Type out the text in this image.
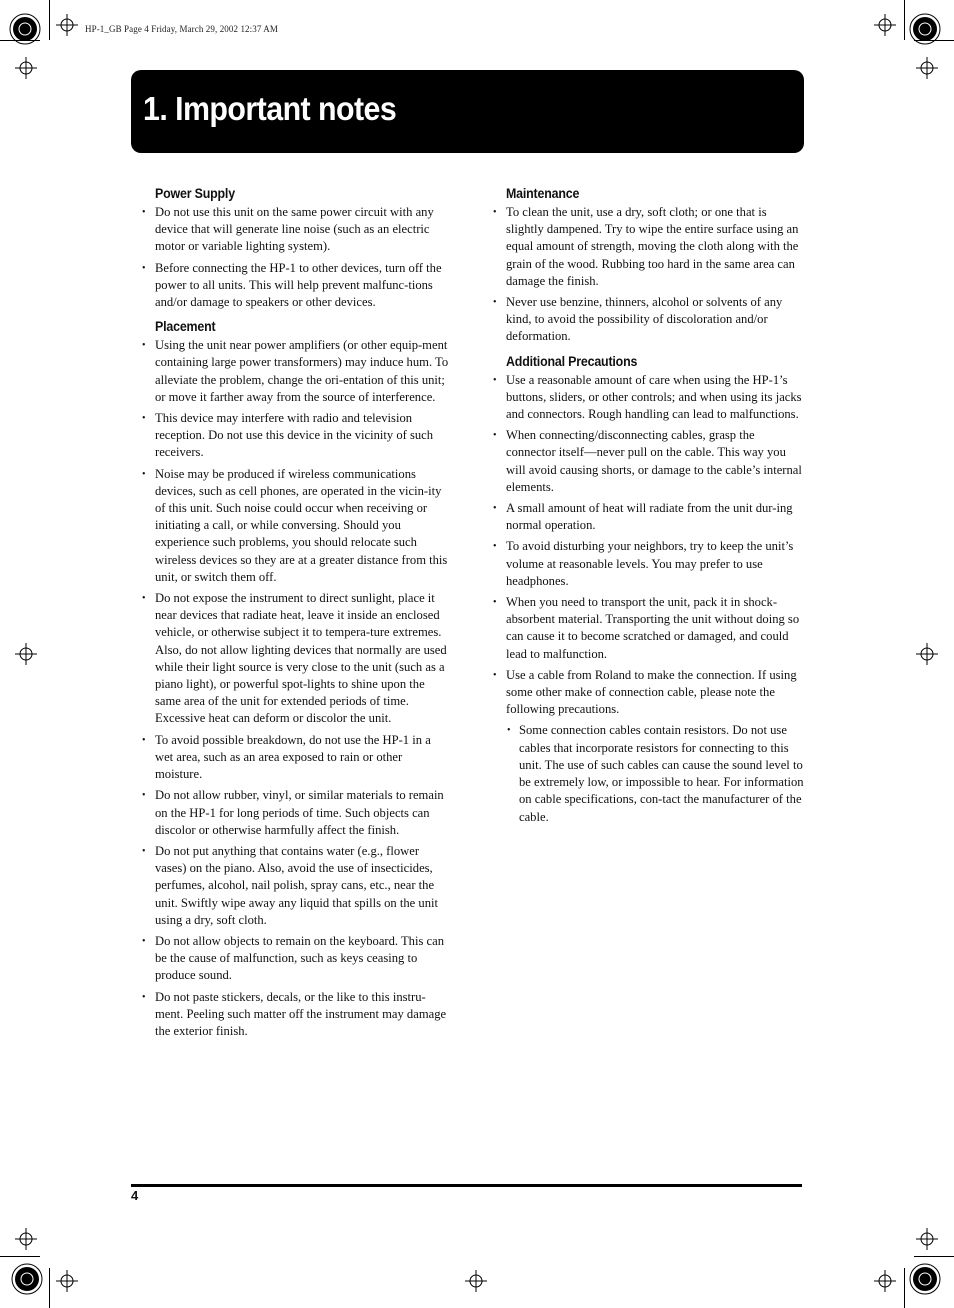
HP-1_GB Page 4 Friday, March 29, 2002 12:37 AM
1. Important notes
Power Supply
• Do not use this unit on the same power circuit with any device that will generate line noise (such as an electric motor or variable lighting system).
• Before connecting the HP-1 to other devices, turn off the power to all units. This will help prevent malfunc-tions and/or damage to speakers or other devices.
Placement
• Using the unit near power amplifiers (or other equip-ment containing large power transformers) may induce hum. To alleviate the problem, change the ori-entation of this unit; or move it farther away from the source of interference.
• This device may interfere with radio and television reception. Do not use this device in the vicinity of such receivers.
• Noise may be produced if wireless communications devices, such as cell phones, are operated in the vicin-ity of this unit. Such noise could occur when receiving or initiating a call, or while conversing. Should you experience such problems, you should relocate such wireless devices so they are at a greater distance from this unit, or switch them off.
• Do not expose the instrument to direct sunlight, place it near devices that radiate heat, leave it inside an enclosed vehicle, or otherwise subject it to tempera-ture extremes. Also, do not allow lighting devices that normally are used while their light source is very close to the unit (such as a piano light), or powerful spot-lights to shine upon the same area of the unit for extended periods of time. Excessive heat can deform or discolor the unit.
• To avoid possible breakdown, do not use the HP-1 in a wet area, such as an area exposed to rain or other moisture.
• Do not allow rubber, vinyl, or similar materials to remain on the HP-1 for long periods of time. Such objects can discolor or otherwise harmfully affect the finish.
• Do not put anything that contains water (e.g., flower vases) on the piano. Also, avoid the use of insecticides, perfumes, alcohol, nail polish, spray cans, etc., near the unit. Swiftly wipe away any liquid that spills on the unit using a dry, soft cloth.
• Do not allow objects to remain on the keyboard. This can be the cause of malfunction, such as keys ceasing to produce sound.
• Do not paste stickers, decals, or the like to this instru-ment. Peeling such matter off the instrument may damage the exterior finish.
Maintenance
• To clean the unit, use a dry, soft cloth; or one that is slightly dampened. Try to wipe the entire surface using an equal amount of strength, moving the cloth along with the grain of the wood. Rubbing too hard in the same area can damage the finish.
• Never use benzine, thinners, alcohol or solvents of any kind, to avoid the possibility of discoloration and/or deformation.
Additional Precautions
• Use a reasonable amount of care when using the HP-1’s buttons, sliders, or other controls; and when using its jacks and connectors. Rough handling can lead to malfunctions.
• When connecting/disconnecting cables, grasp the connector itself—never pull on the cable. This way you will avoid causing shorts, or damage to the cable’s internal elements.
• A small amount of heat will radiate from the unit dur-ing normal operation.
• To avoid disturbing your neighbors, try to keep the unit’s volume at reasonable levels. You may prefer to use headphones.
• When you need to transport the unit, pack it in shock-absorbent material. Transporting the unit without doing so can cause it to become scratched or damaged, and could lead to malfunction.
• Use a cable from Roland to make the connection. If using some other make of connection cable, please note the following precautions.
• Some connection cables contain resistors. Do not use cables that incorporate resistors for connecting to this unit. The use of such cables can cause the sound level to be extremely low, or impossible to hear. For information on cable specifications, con-tact the manufacturer of the cable.
4
